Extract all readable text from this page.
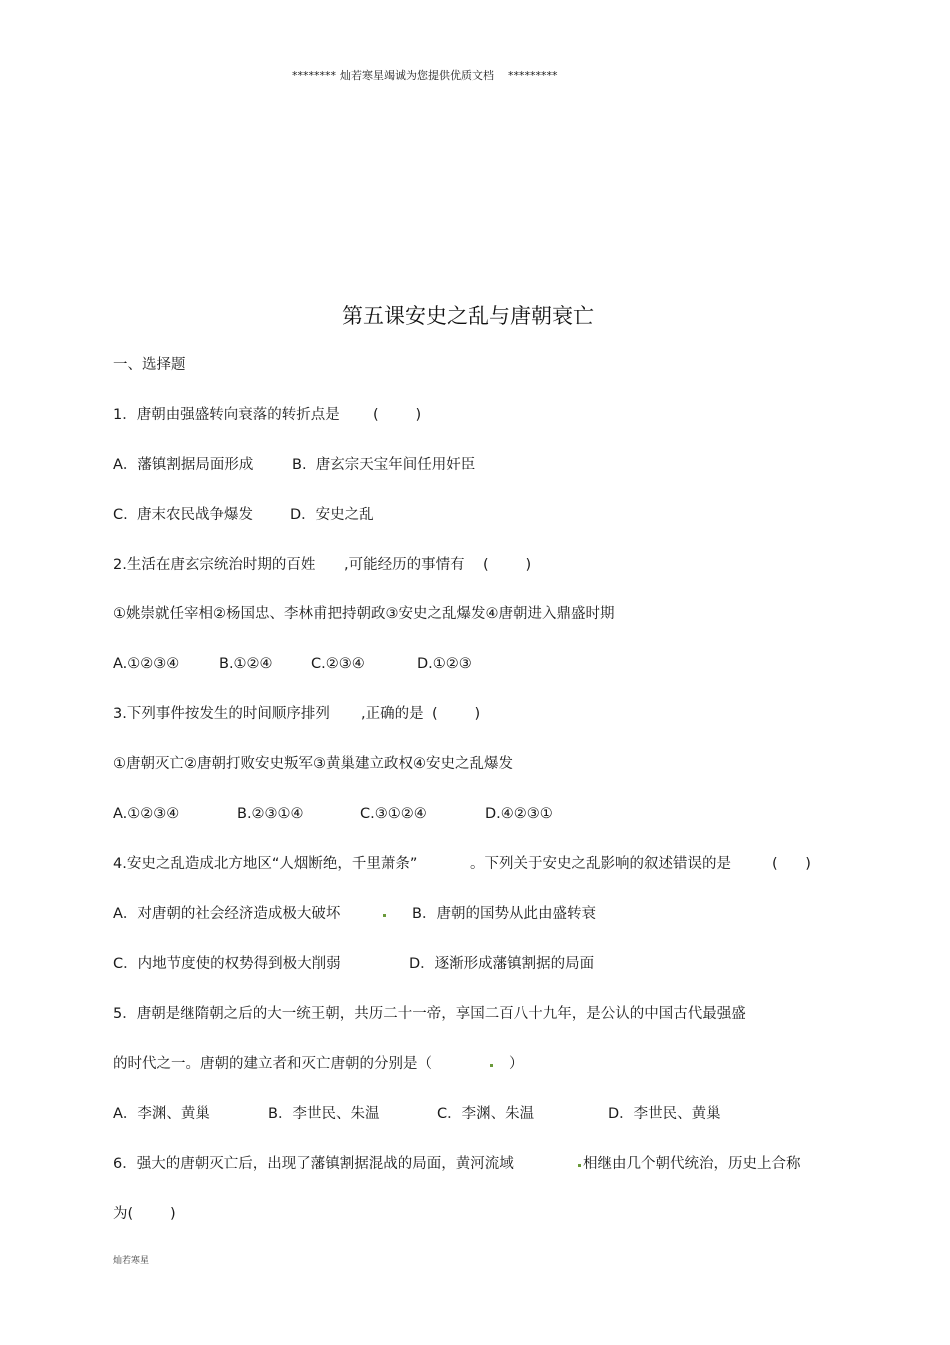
******** 灿若寒星竭诚为您提供优质文档 *********
第五课安史之乱与唐朝衰亡
一、选择题
1．唐朝由强盛转向衰落的转折点是 (        )
A．藩镇割据局面形成	B.  唐玄宗天宝年间任用奸臣
C.  唐末农民战争爆发	D．安史之乱
2.生活在唐玄宗统治时期的百姓 ,可能经历的事情有 (        )
①姚崇就任宰相②杨国忠、李林甫把持朝政③安史之乱爆发④唐朝进入鼎盛时期
A.①②③④	B.①②④	C.②③④	D.①②③
3.下列事件按发生的时间顺序排列 ,正确的是 (        )
①唐朝灭亡②唐朝打败安史叛军③黄巢建立政权④安史之乱爆发
A.①②③④	B.②③①④	C.③①②④	D.④②③①
4.安史之乱造成北方地区“人烟断绝，千里萧条”	。下列关于安史之乱影响的叙述错误的是	(      )
A．对唐朝的社会经济造成极大破坏	B．唐朝的国势从此由盛转衰
C．内地节度使的权势得到极大削弱	D．逐渐形成藩镇割据的局面
5．唐朝是继隋朝之后的大一统王朝，共历二十一帝，享国二百八十九年，是公认的中国古代最强盛
的时代之一。唐朝的建立者和灭亡唐朝的分别是（	）
A．李渊、黄巢	B．李世民、朱温	C．李渊、朱温	D．李世民、黄巢
6．强大的唐朝灭亡后，出现了藩镇割据混战的局面，黄河流域	相继由几个朝代统治，历史上合称
为(        )
灿若寒星
